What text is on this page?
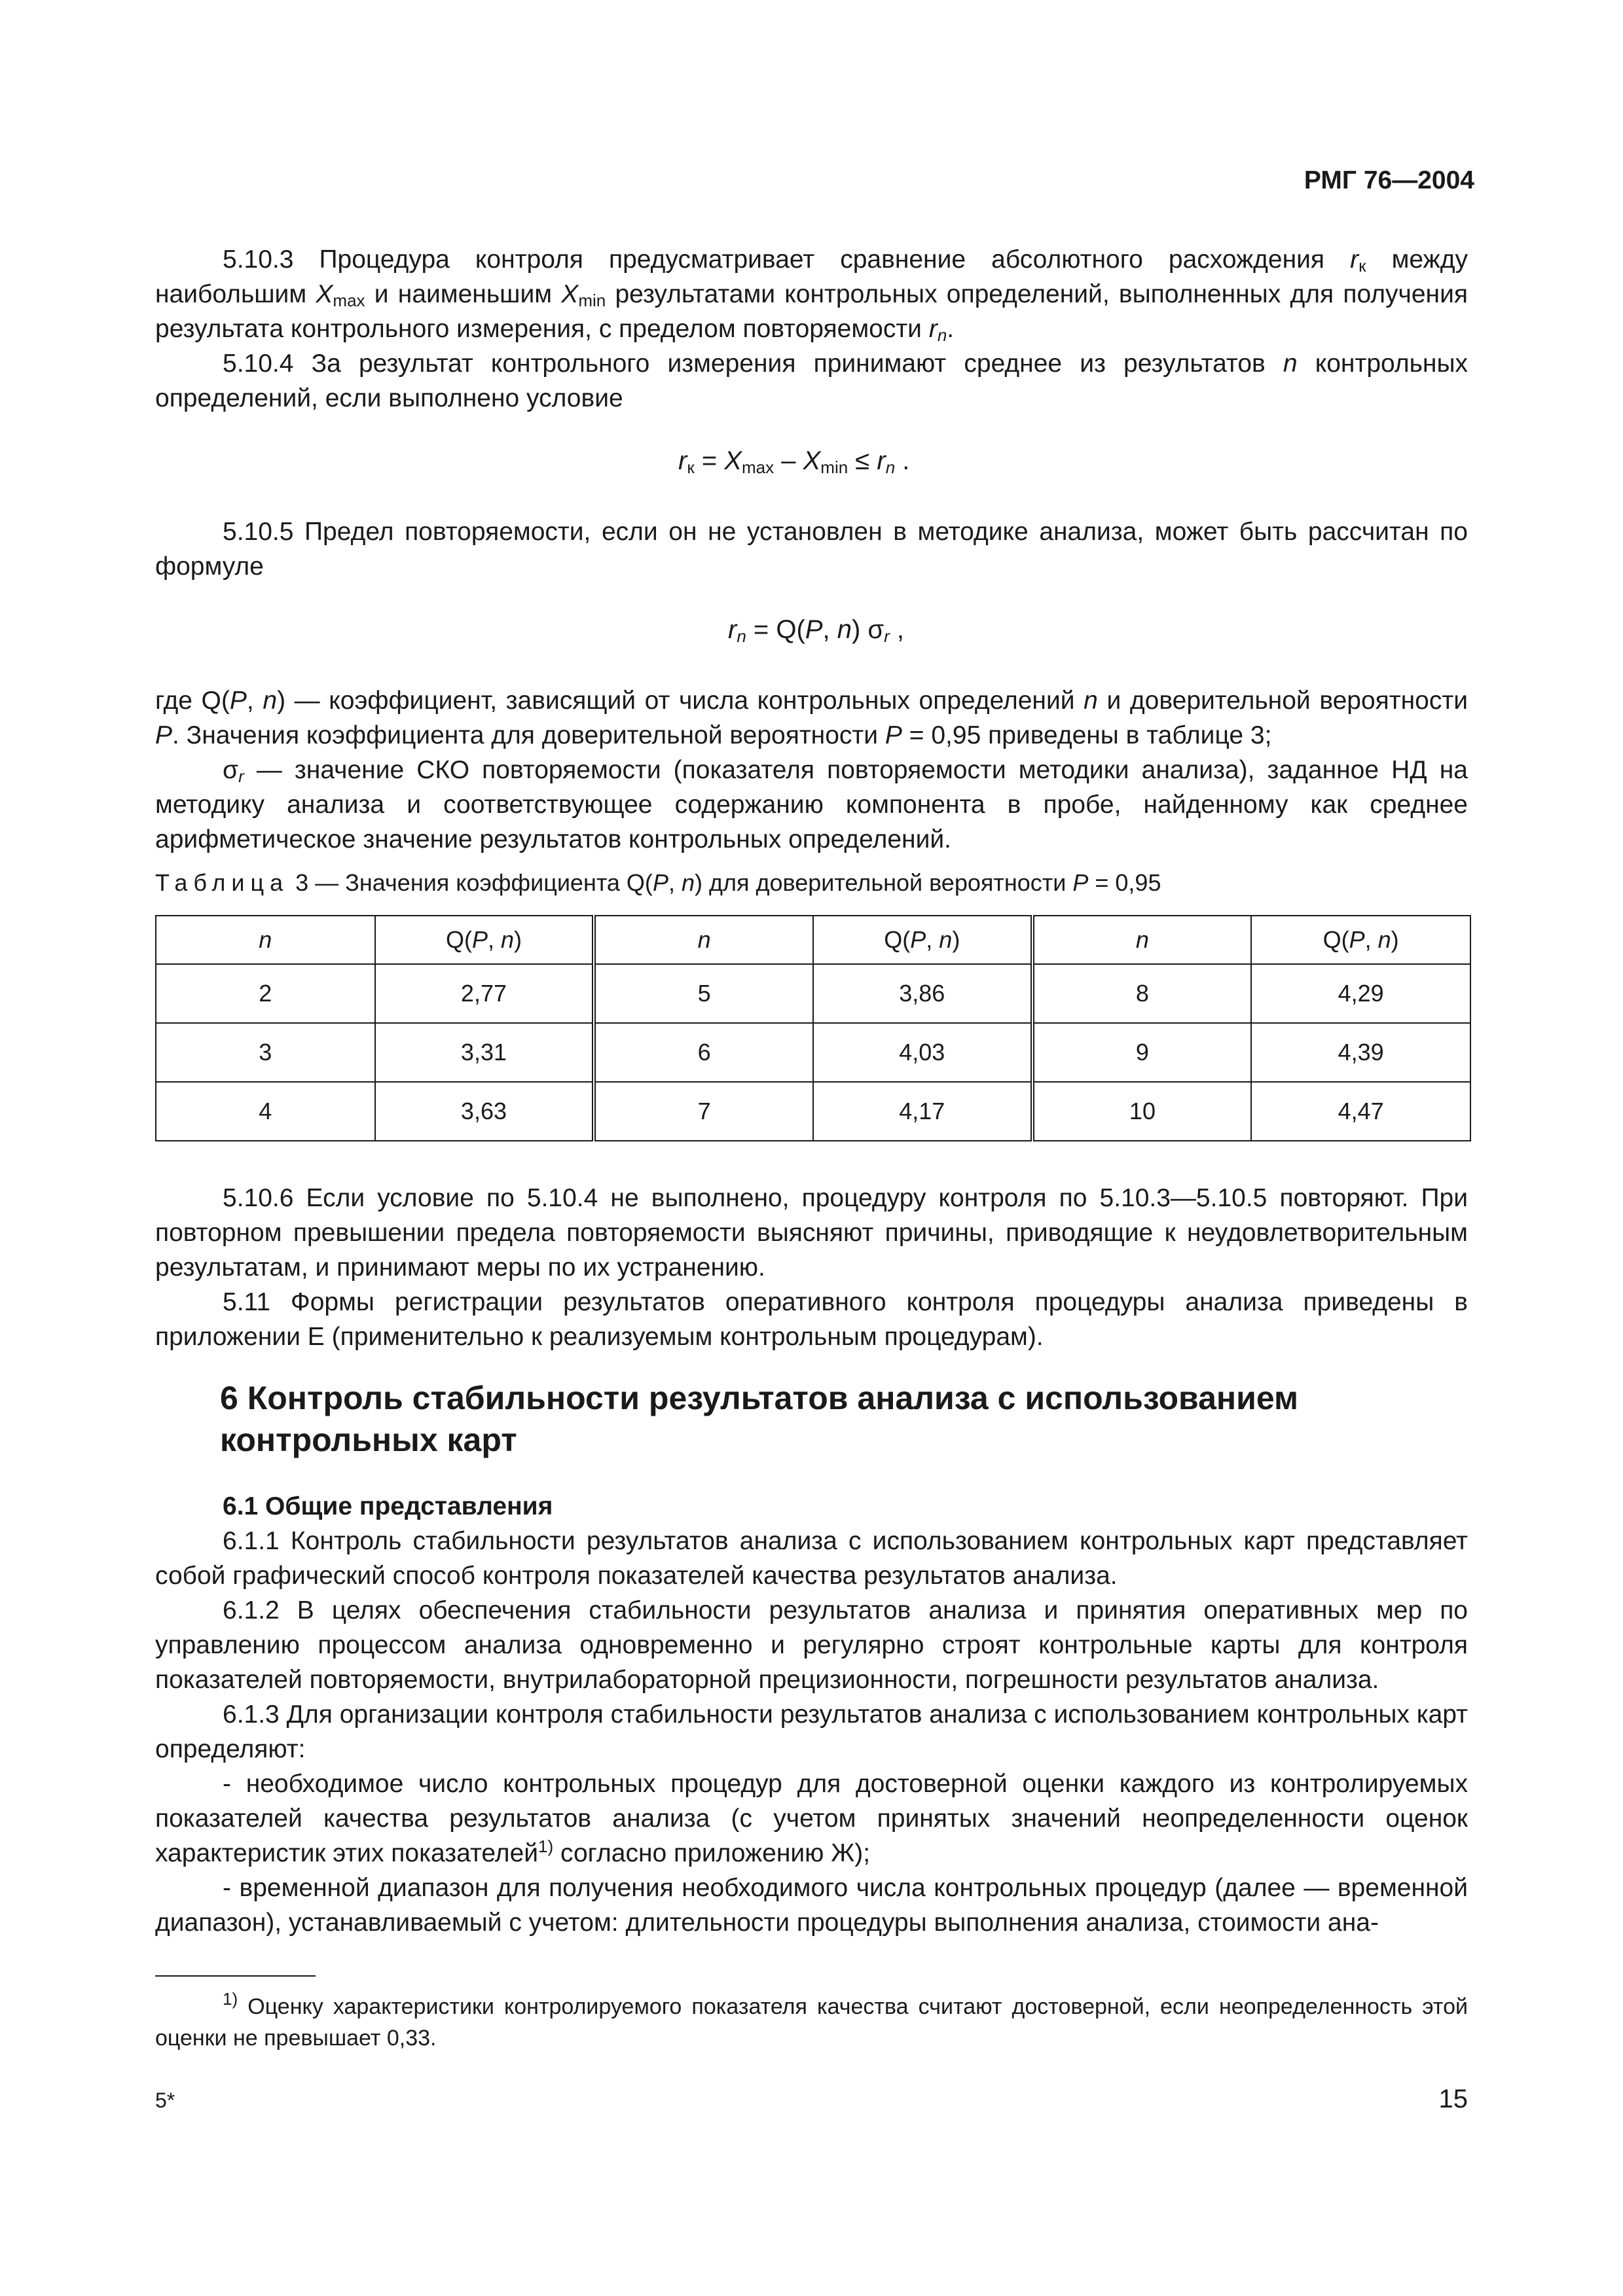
РМГ 76—2004

5.10.3 Процедура контроля предусматривает сравнение абсолютного расхождения $r_к$ между наибольшим $X_{max}$ и наименьшим $X_{min}$ результатами контрольных определений, выполненных для получения результата контрольного измерения, с пределом повторяемости $r_n$.

5.10.4 За результат контрольного измерения принимают среднее из результатов n контрольных определений, если выполнено условие

$r_к = X_{max} - X_{min} \le r_n$ .

5.10.5 Предел повторяемости, если он не установлен в методике анализа, может быть рассчитан по формуле

$r_n = Q(P$, n) $\sigma_r$ ,

где Q(P, n) — коэффициент, зависящий от числа контрольных определений n и доверительной вероятности P. Значения коэффициента для доверительной вероятности P = 0,95 приведены в таблице 3;

$\sigma_r$ — значение СКО повторяемости (показателя повторяемости методики анализа), заданное НД на методику анализа и соответствующее содержанию компонента в пробе, найденному как среднее арифметическое значение результатов контрольных определений.

Таблица 3 — Значения коэффициента Q(P, n) для доверительной вероятности P = 0,95
n	Q(P, n)	n	Q(P, n)	n	Q(P, n)
2	2,77	5	3,86	8	4,29
3	3,31	6	4,03	9	4,39
4	3,63	7	4,17	10	4,47

5.10.6 Если условие по 5.10.4 не выполнено, процедуру контроля по 5.10.3—5.10.5 повторяют. При повторном превышении предела повторяемости выясняют причины, приводящие к неудовлетворительным результатам, и принимают меры по их устранению.

5.11 Формы регистрации результатов оперативного контроля процедуры анализа приведены в приложении Е (применительно к реализуемым контрольным процедурам).

6 Контроль стабильности результатов анализа с использованием контрольных карт

6.1 Общие представления

6.1.1 Контроль стабильности результатов анализа с использованием контрольных карт представляет собой графический способ контроля показателей качества результатов анализа.

6.1.2 В целях обеспечения стабильности результатов анализа и принятия оперативных мер по управлению процессом анализа одновременно и регулярно строят контрольные карты для контроля показателей повторяемости, внутрилабораторной прецизионности, погрешности результатов анализа.

6.1.3 Для организации контроля стабильности результатов анализа с использованием контрольных карт определяют:

- необходимое число контрольных процедур для достоверной оценки каждого из контролируемых показателей качества результатов анализа (с учетом принятых значений неопределенности оценок характеристик этих показателей$^{1)}$ согласно приложению Ж);

- временной диапазон для получения необходимого числа контрольных процедур (далее — временной диапазон), устанавливаемый с учетом: длительности процедуры выполнения анализа, стоимости ана-

$^{1)}$ Оценку характеристики контролируемого показателя качества считают достоверной, если неопределенность этой оценки не превышает 0,33.

5*	15
